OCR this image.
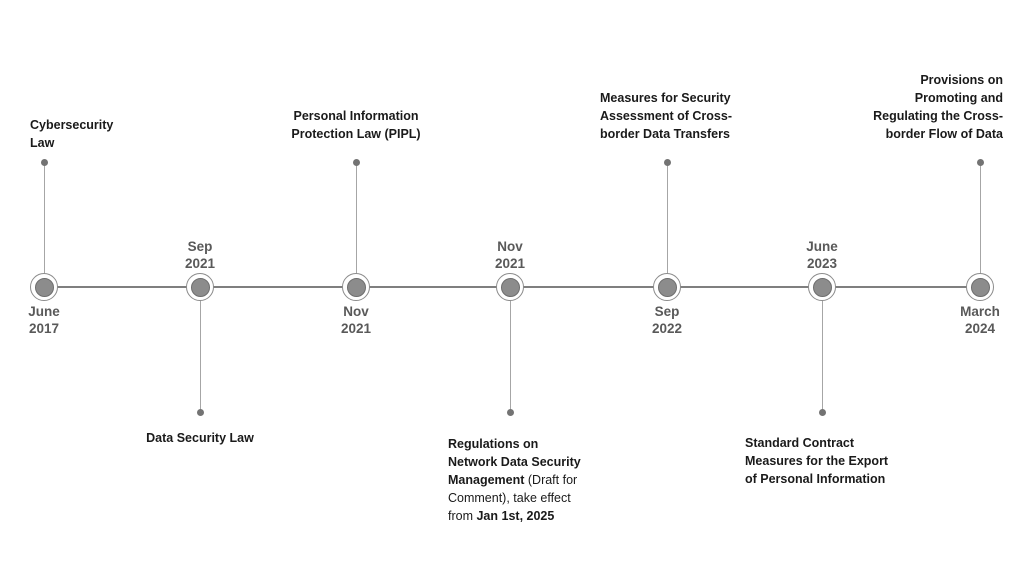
June
2017
Cybersecurity
Law
Sep
2021
Data Security Law
Nov
2021
Personal Information
Protection Law (PIPL)
Nov
2021
Regulations on
Network Data Security
Management (Draft for
Comment), take effect
from Jan 1st, 2025
Sep
2022
Measures for Security
Assessment of Cross-
border Data Transfers
June
2023
Standard Contract
Measures for the Export
of Personal Information
March
2024
Provisions on
Promoting and
Regulating the Cross-
border Flow of Data
